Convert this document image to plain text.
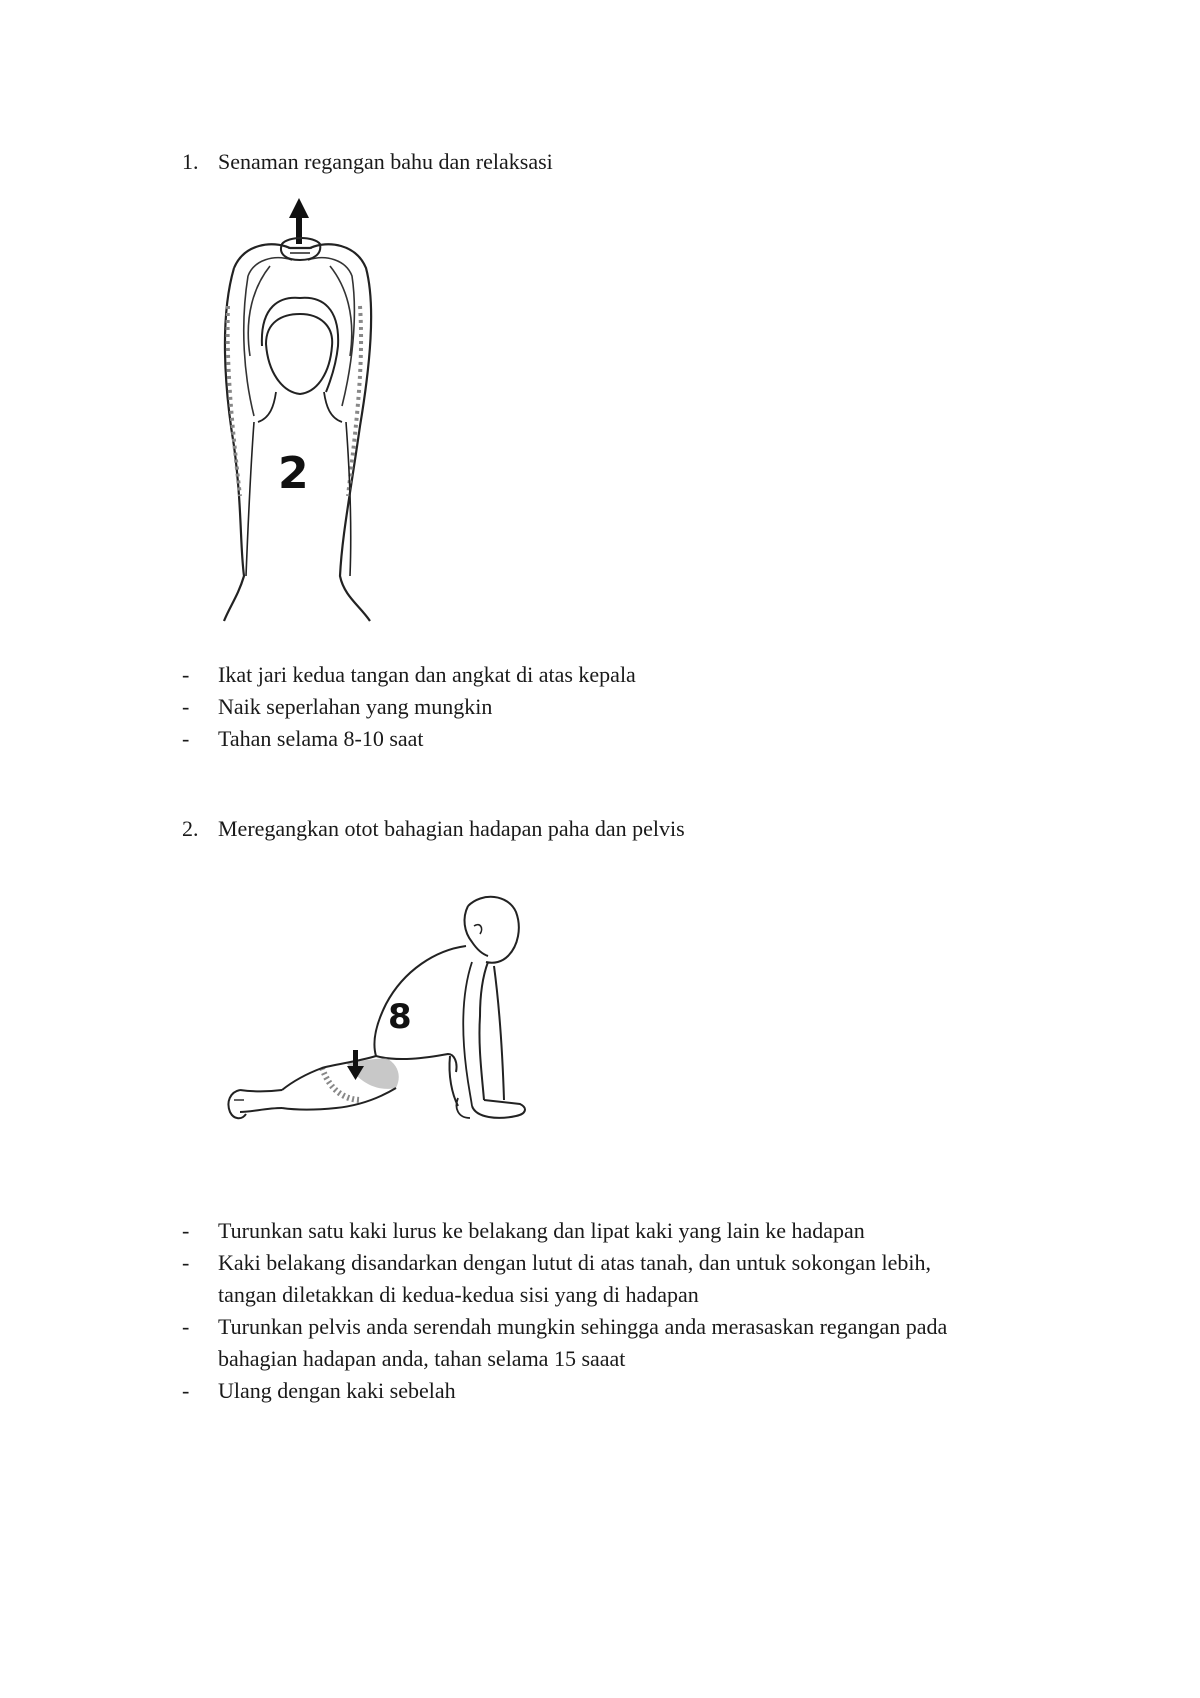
1. Senaman regangan bahu dan relaksasi
2
- Ikat jari kedua tangan dan angkat di atas kepala
- Naik seperlahan yang mungkin
- Tahan selama 8-10 saat
2. Meregangkan otot bahagian hadapan paha dan pelvis
8
- Turunkan satu kaki lurus ke belakang dan lipat kaki yang lain ke hadapan
- Kaki belakang disandarkan dengan lutut di atas tanah, dan untuk sokongan lebih,
tangan diletakkan di kedua-kedua sisi yang di hadapan
- Turunkan pelvis anda serendah mungkin sehingga anda merasaskan regangan pada
bahagian hadapan anda, tahan selama 15 saaat
- Ulang dengan kaki sebelah
